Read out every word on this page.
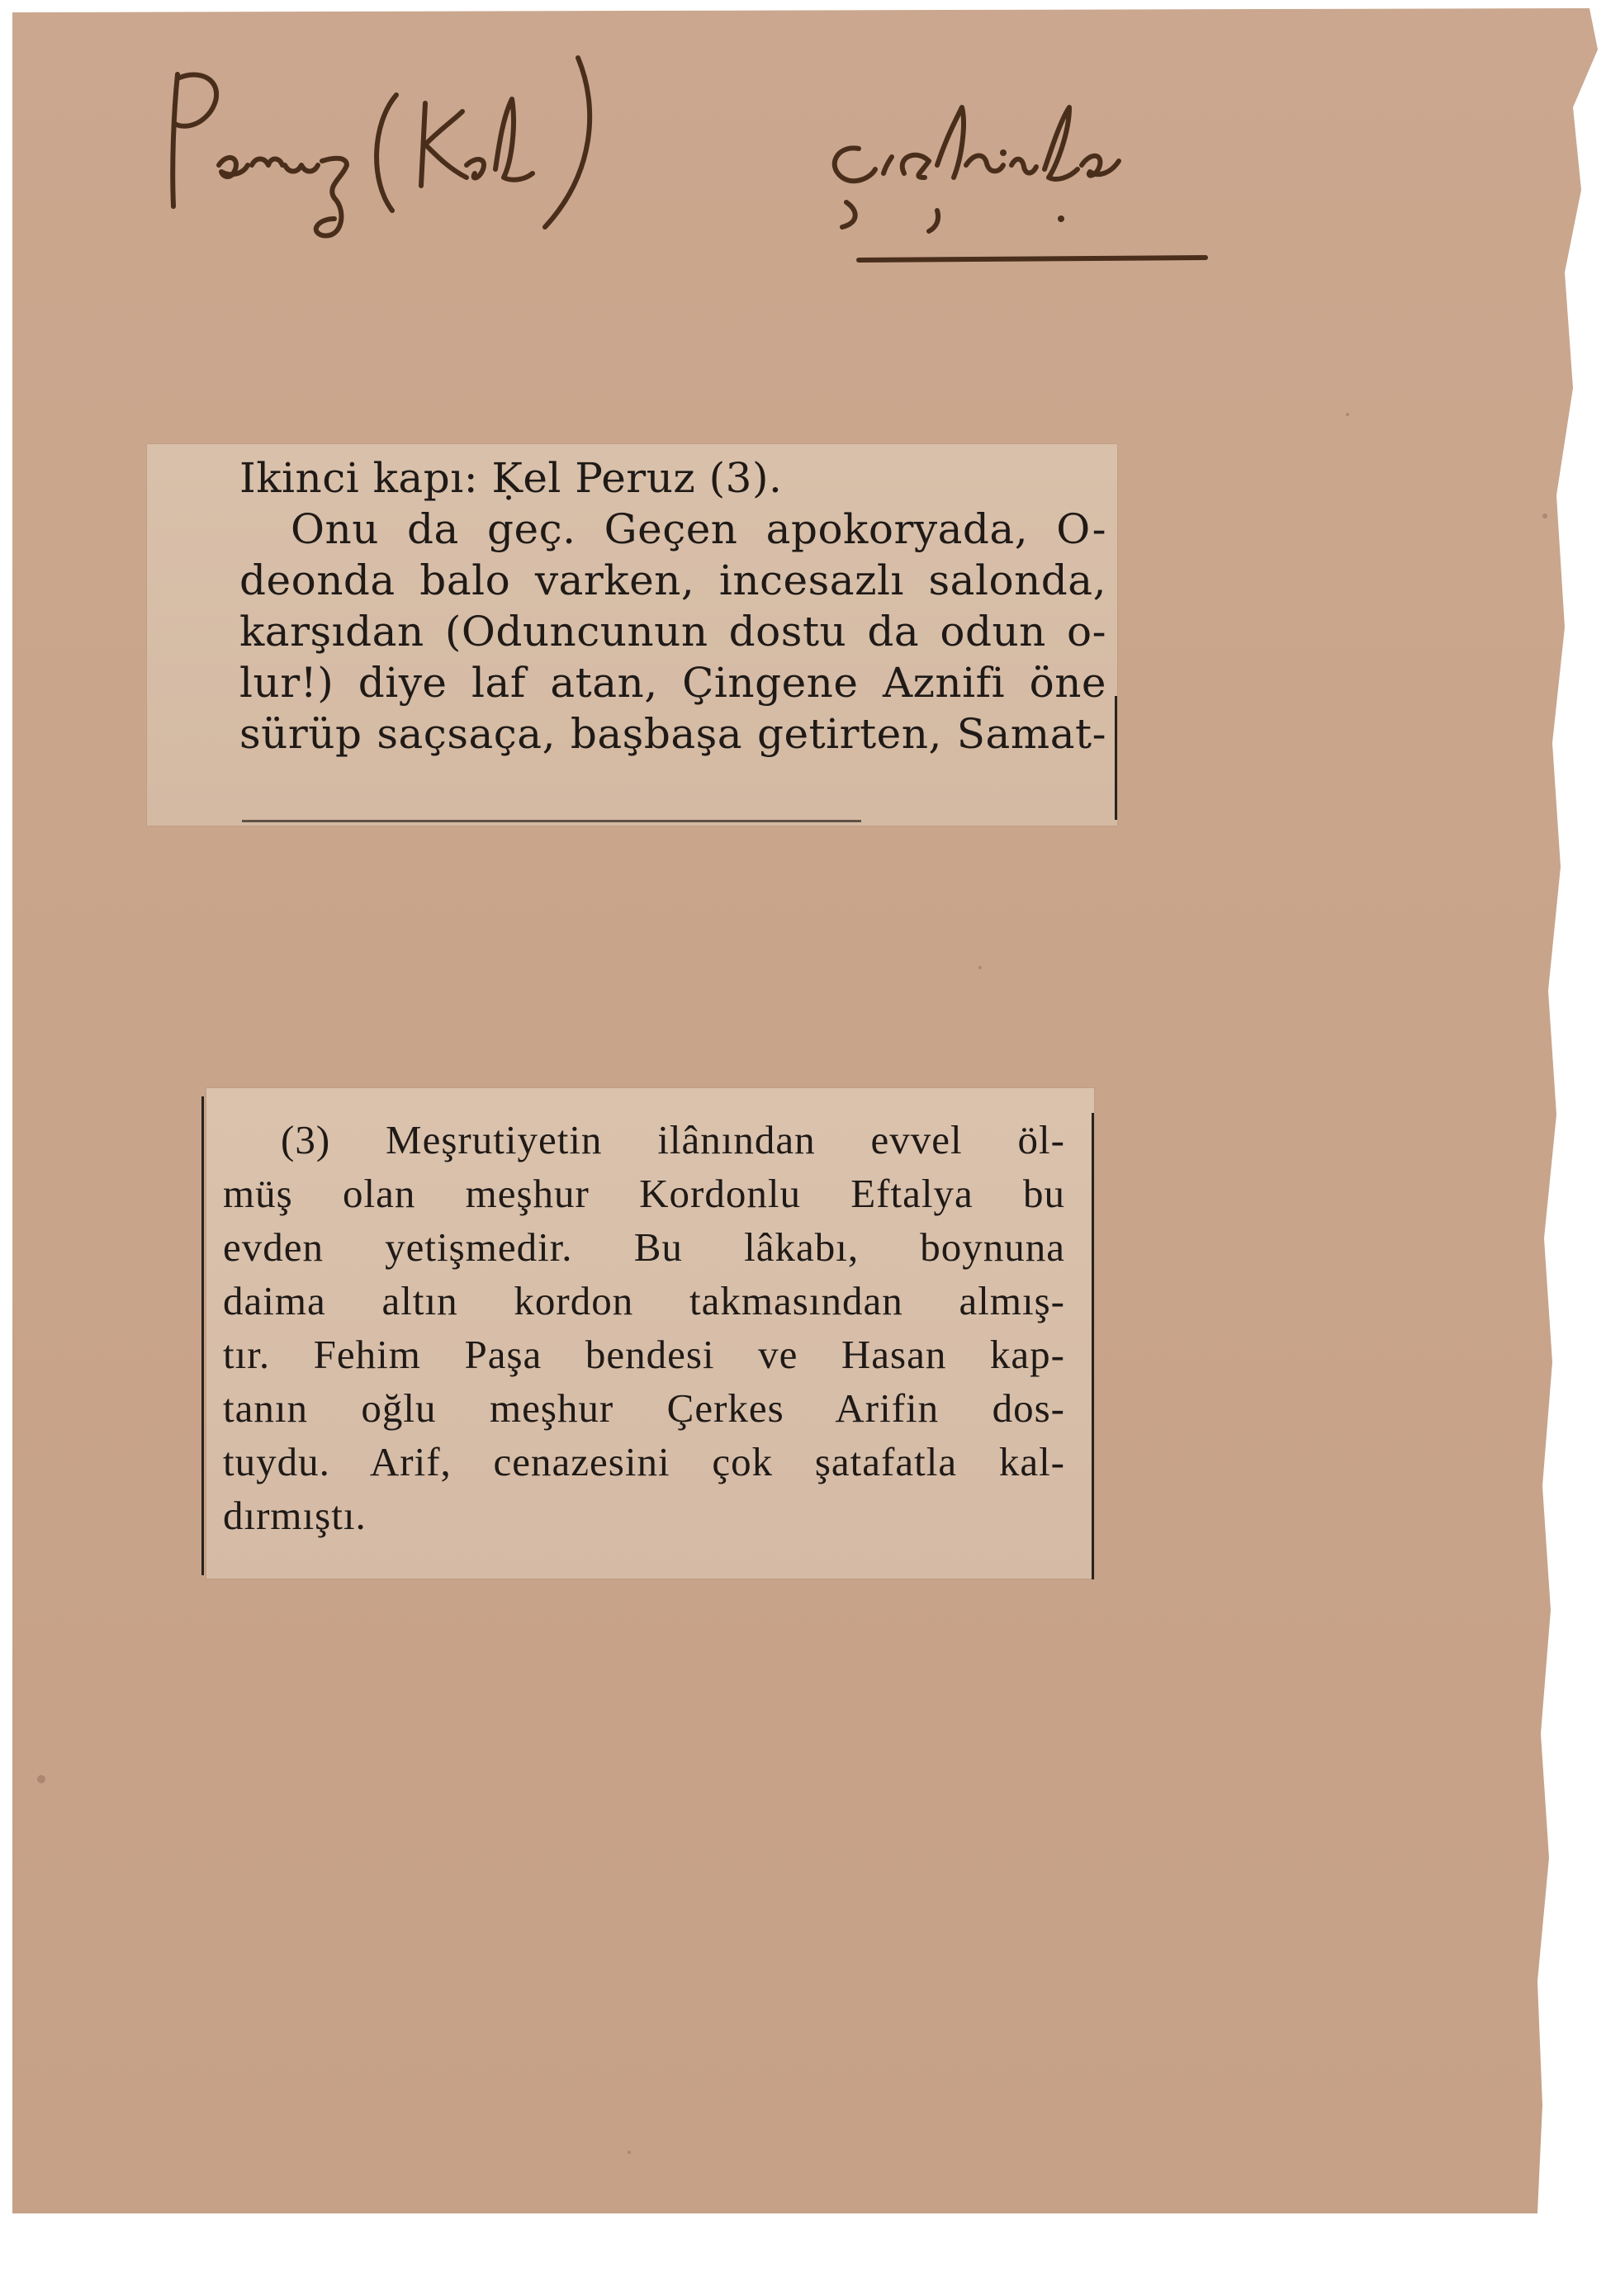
Ikinci kapı: Ḳel Peruz (3).
Onu da geç. Geçen apokoryada, O-
deonda balo varken, incesazlı salonda,
karşıdan (Oduncunun dostu da odun o-
lur!) diye laf atan, Çingene Aznifi öne
sürüp saçsaça, başbaşa getirten, Samat-
(3) Meşrutiyetin ilânından evvel öl-
müş olan meşhur Kordonlu Eftalya bu
evden yetişmedir. Bu lâkabı, boynuna
daima altın kordon takmasından almış-
tır. Fehim Paşa bendesi ve Hasan kap-
tanın oğlu meşhur Çerkes Arifin dos-
tuydu. Arif, cenazesini çok şatafatla kal-
dırmıştı.
